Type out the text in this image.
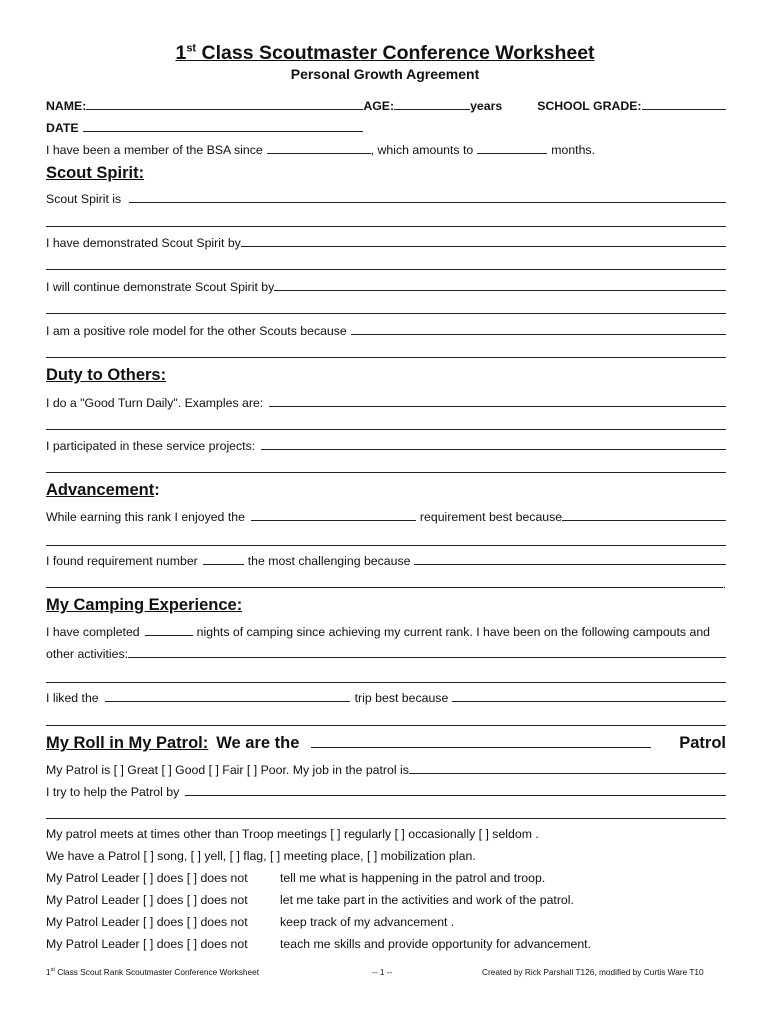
1st Class Scoutmaster Conference Worksheet
Personal Growth Agreement
NAME:	AGE:	years	SCHOOL GRADE:
DATE
I have been a member of the BSA since	, which amounts to	months.
Scout Spirit:
Scout Spirit is
I have demonstrated Scout Spirit by
I will continue demonstrate Scout Spirit by
I am a positive role model for the other Scouts because
Duty to Others:
I do a "Good Turn Daily". Examples are:
I participated in these service projects:
Advancement:
While earning this rank I enjoyed the	requirement best because
I found requirement number	the most challenging because
.
My Camping Experience:
I have completed	nights of camping since achieving my current rank. I have been on the following campouts and
other activities:
I liked the	trip best because
My Roll in My Patrol: We are the	Patrol
My Patrol is [ ] Great [ ] Good [ ] Fair [ ] Poor. My job in the patrol is
I try to help the Patrol by
My patrol meets at times other than Troop meetings [ ] regularly [ ] occasionally [ ] seldom .
We have a Patrol [ ] song, [ ] yell, [ ] flag, [ ] meeting place, [ ] mobilization plan.
My Patrol Leader [ ] does [ ] does not	tell me what is happening in the patrol and troop.
My Patrol Leader [ ] does [ ] does not	let me take part in the activities and work of the patrol.
My Patrol Leader [ ] does [ ] does not	keep track of my advancement .
My Patrol Leader [ ] does [ ] does not	teach me skills and provide opportunity for advancement.
1st Class Scout Rank Scoutmaster Conference Worksheet	-- 1 --	Created by Rick Parshall T126, modified by Curtis Ware T10
